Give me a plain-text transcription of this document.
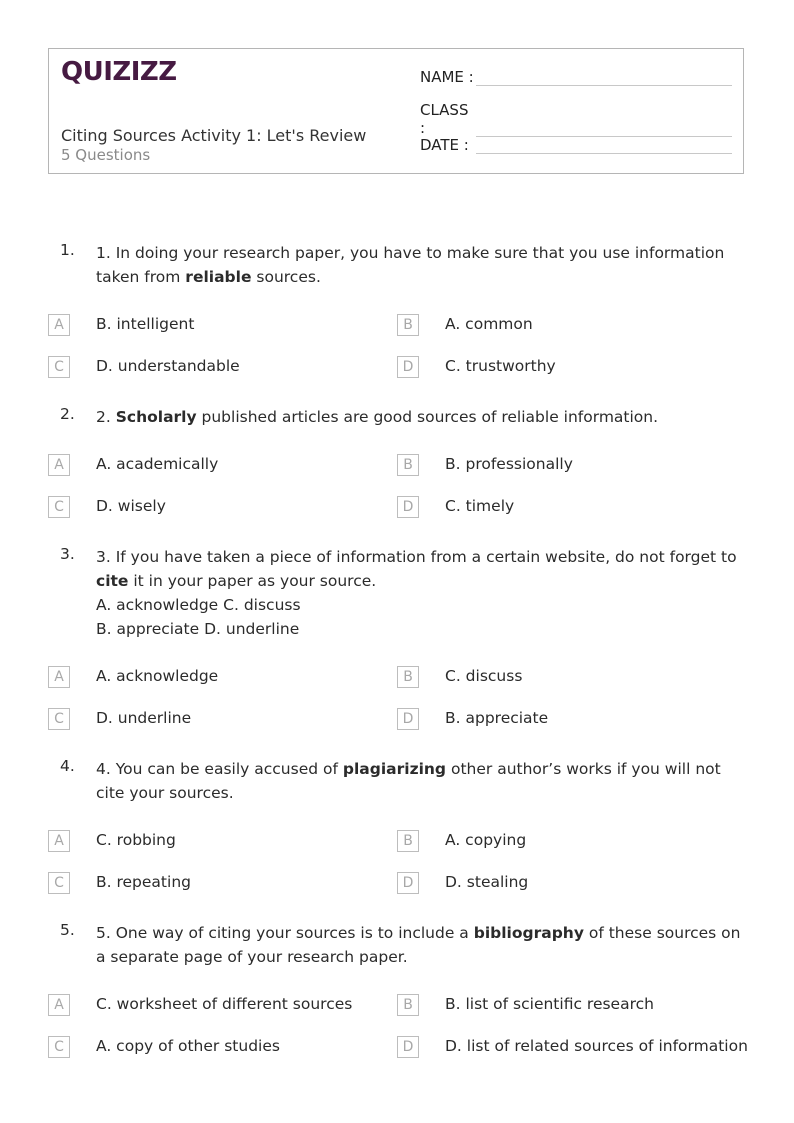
QUIZIZZ
Citing Sources Activity 1: Let's Review
5 Questions
NAME :
CLASS :
DATE :
1. 1. In doing your research paper, you have to make sure that you use information taken from reliable sources.
A	B. intelligent	B	A. common
C	D. understandable	D	C. trustworthy
2. 2. Scholarly published articles are good sources of reliable information.
A	A. academically	B	B. professionally
C	D. wisely	D	C. timely
3. 3. If you have taken a piece of information from a certain website, do not forget to cite it in your paper as your source.
A. acknowledge C. discuss
B. appreciate D. underline
A	A. acknowledge	B	C. discuss
C	D. underline	D	B. appreciate
4. 4. You can be easily accused of plagiarizing other author’s works if you will not cite your sources.
A	C. robbing	B	A. copying
C	B. repeating	D	D. stealing
5. 5. One way of citing your sources is to include a bibliography of these sources on a separate page of your research paper.
A	C. worksheet of different sources	B	B. list of scientific research
C	A. copy of other studies	D	D. list of related sources of information
